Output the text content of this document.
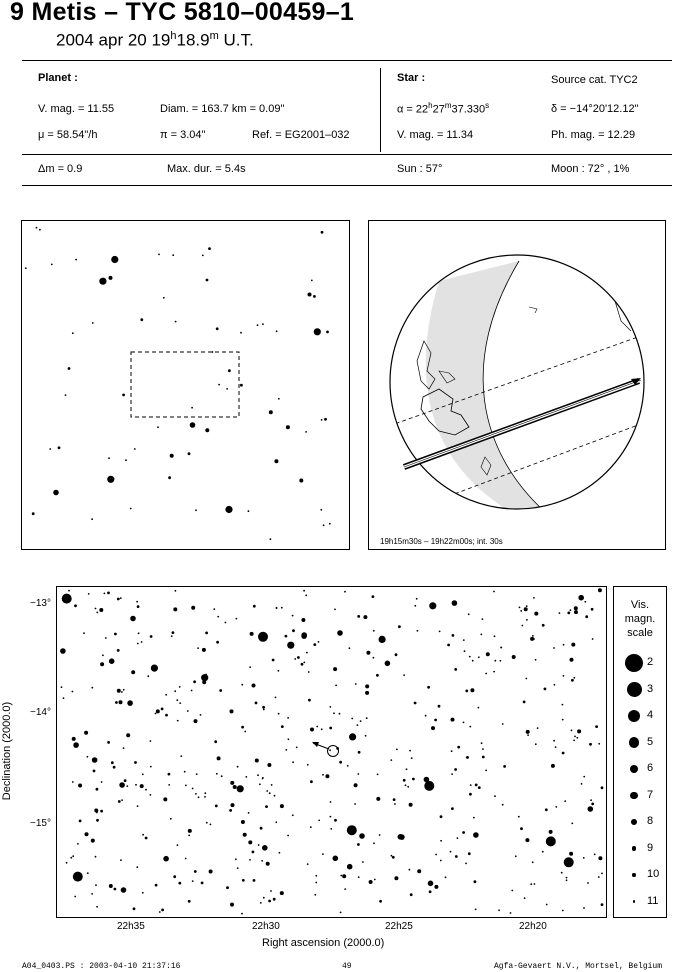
9 Metis – TYC 5810–00459–1
2004 apr 20 19$^h$18.9$^m$ U.T.
Planet :
V. mag. = 11.55	Diam. = 163.7 km = 0.09"
μ = 58.54"/h	π = 3.04"	Ref. = EG2001–032
Star :	Source cat. TYC2
$\alpha = 22^h27^m37.330^s$	δ = −14°20'12.12"
V. mag. = 11.34	Ph. mag. = 12.29
Δm = 0.9	Max. dur. = 5.4s	Sun : 57°	Moon : 72° , 1%
19h15m30s – 19h22m00s; int. 30s
−13°
−14°
−15°
22h35	22h30	22h25	22h20
Right ascension (2000.0)
Declination (2000.0)
Vis.
magn.
scale
2
3
4
5
6
7
8
9
10
11
A04_0403.PS : 2003-04-10 21:37:16	49	Agfa-Gevaert N.V., Mortsel, Belgium
